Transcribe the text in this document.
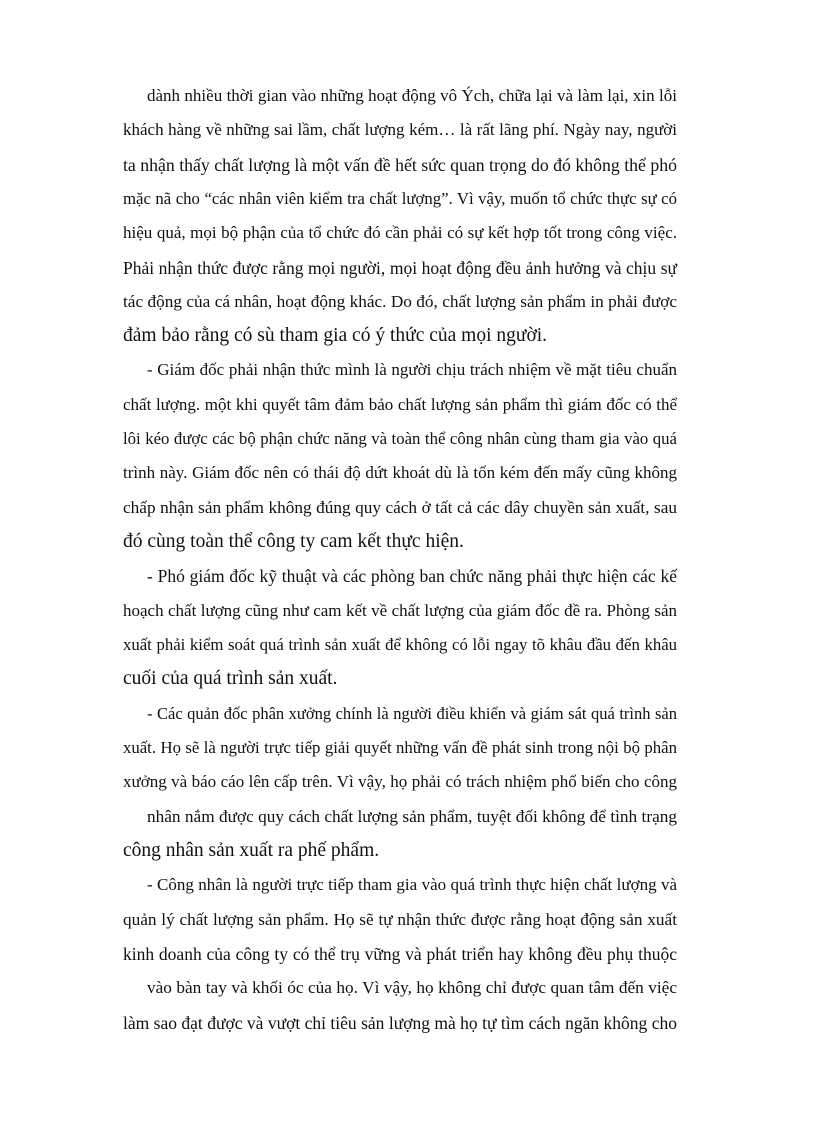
dành nhiều thời gian vào những hoạt động vô Ých, chữa lại và làm lại, xin lỗi
khách hàng về những sai lầm, chất lượng kém… là rất lãng phí. Ngày nay, người
ta nhận thấy chất lượng là một vấn đề hết sức quan trọng do đó không thể phó
mặc nã cho “các nhân viên kiểm tra chất lượng”. Vì vậy, muốn tổ chức thực sự có
hiệu quả, mọi bộ phận của tổ chức đó cần phải có sự kết hợp tốt trong công việc.
Phải nhận thức được rằng mọi người, mọi hoạt động đều ảnh hưởng và chịu sự
tác động của cá nhân, hoạt động khác. Do đó, chất lượng sản phẩm in phải được
đảm bảo rằng có sù tham gia có ý thức của mọi người.
- Giám đốc phải nhận thức mình là người chịu trách nhiệm về mặt tiêu chuẩn
chất lượng. một khi quyết tâm đảm bảo chất lượng sản phẩm thì giám đốc có thể
lôi kéo được các bộ phận chức năng và toàn thể công nhân cùng tham gia vào quá
trình này. Giám đốc nên có thái độ dứt khoát dù là tốn kém đến mấy cũng không
chấp nhận sản phẩm không đúng quy cách ở tất cả các dây chuyền sản xuất, sau
đó cùng toàn thể công ty cam kết thực hiện.
- Phó giám đốc kỹ thuật và các phòng ban chức năng phải thực hiện các kế
hoạch chất lượng cũng như cam kết về chất lượng của giám đốc đề ra. Phòng sản
xuất phải kiểm soát quá trình sản xuất để không có lỗi ngay tõ khâu đầu đến khâu
cuối của quá trình sản xuất.
- Các quản đốc phân xưởng chính là người điều khiển và giám sát quá trình sản
xuất. Họ sẽ là người trực tiếp giải quyết những vấn đề phát sinh trong nội bộ phân
xưởng và báo cáo lên cấp trên. Vì vậy, họ phải có trách nhiệm phổ biến cho công
nhân nắm được quy cách chất lượng sản phẩm, tuyệt đối không để tình trạng
công nhân sản xuất ra phế phẩm.
- Công nhân là người trực tiếp tham gia vào quá trình thực hiện chất lượng và
quản lý chất lượng sản phẩm. Họ sẽ tự nhận thức được rằng hoạt động sản xuất
kinh doanh của công ty có thể trụ vững và phát triển hay không đều phụ thuộc
vào bàn tay và khối óc của họ. Vì vậy, họ không chỉ được quan tâm đến việc
làm sao đạt được và vượt chỉ tiêu sản lượng mà họ tự tìm cách ngăn không cho
